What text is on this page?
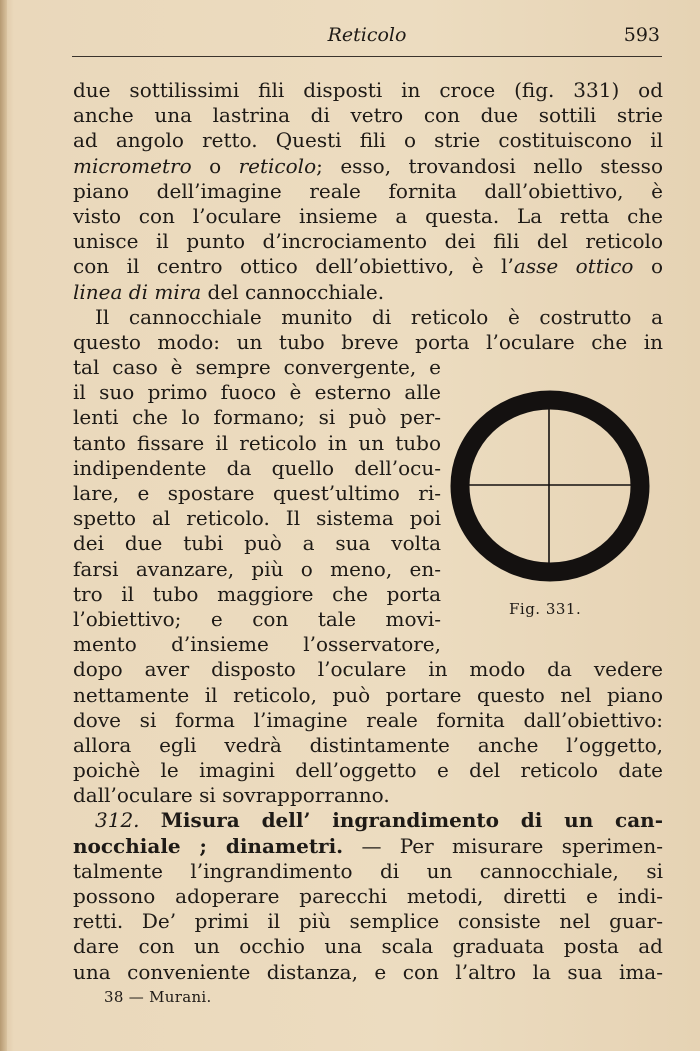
Reticolo	593
due sottilissimi fili disposti in croce (fig. 331) od
anche una lastrina di vetro con due sottili strie
ad angolo retto. Questi fili o strie costituiscono il
micrometro o reticolo; esso, trovandosi nello stesso
piano dell’imagine reale fornita dall’obiettivo, è
visto con l’oculare insieme a questa. La retta che
unisce il punto d’incrociamento dei fili del reticolo
con il centro ottico dell’obiettivo, è l’asse ottico o
linea di mira del cannocchiale.
Il cannocchiale munito di reticolo è costrutto a
questo modo: un tubo breve porta l’oculare che in
tal caso è sempre convergente, e
il suo primo fuoco è esterno alle
lenti che lo formano; si può per-
tanto fissare il reticolo in un tubo
indipendente da quello dell’ocu-
lare, e spostare quest’ultimo ri-
spetto al reticolo. Il sistema poi
dei due tubi può a sua volta
farsi avanzare, più o meno, en-
tro il tubo maggiore che porta
l’obiettivo; e con tale movi-
mento d’insieme l’osservatore,
dopo aver disposto l’oculare in modo da vedere
nettamente il reticolo, può portare questo nel piano
dove si forma l’imagine reale fornita dall’obiettivo:
allora egli vedrà distintamente anche l’oggetto,
poichè le imagini dell’oggetto e del reticolo date
dall’oculare si sovrapporranno.
312. Misura dell’ ingrandimento di un can-
nocchiale ; dinametri. — Per misurare sperimen-
talmente l’ingrandimento di un cannocchiale, si
possono adoperare parecchi metodi, diretti e indi-
retti. De’ primi il più semplice consiste nel guar-
dare con un occhio una scala graduata posta ad
una conveniente distanza, e con l’altro la sua ima-
Fig. 331.
38 — Murani.
